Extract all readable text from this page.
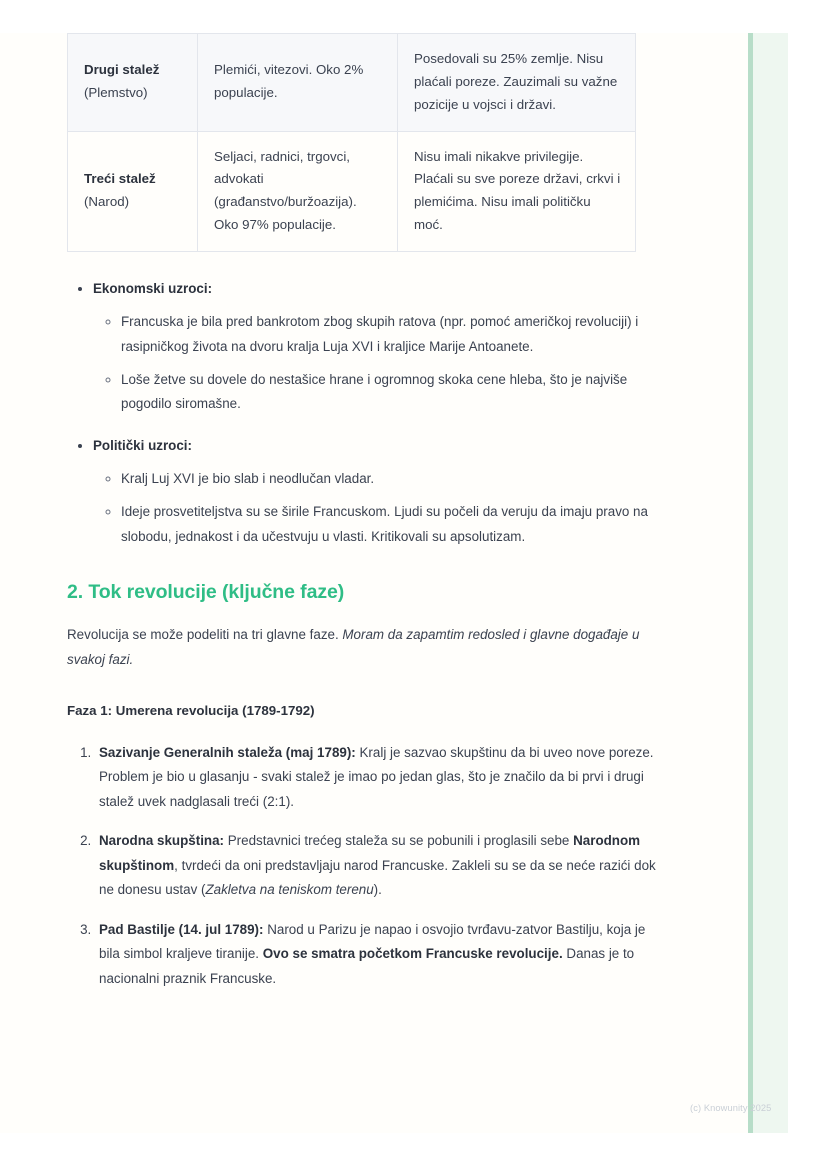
Drugi stalež
(Plemstvo)	Plemići, vitezovi. Oko 2% populacije.	Posedovali su 25% zemlje. Nisu plaćali poreze. Zauzimali su važne pozicije u vojsci i državi.

Treći stalež
(Narod)	Seljaci, radnici, trgovci, advokati (građanstvo/buržoazija). Oko 97% populacije.	Nisu imali nikakve privilegije. Plaćali su sve poreze državi, crkvi i plemićima. Nisu imali političku moć.
• Ekonomski uzroci:
◦ Francuska je bila pred bankrotom zbog skupih ratova (npr. pomoć američkoj revoluciji) i rasipničkog života na dvoru kralja Luja XVI i kraljice Marije Antoanete.
◦ Loše žetve su dovele do nestašice hrane i ogromnog skoka cene hleba, što je najviše pogodilo siromašne.
• Politički uzroci:
◦ Kralj Luj XVI je bio slab i neodlučan vladar.
◦ Ideje prosvetiteljstva su se širile Francuskom. Ljudi su počeli da veruju da imaju pravo na slobodu, jednakost i da učestvuju u vlasti. Kritikovali su apsolutizam.
2. Tok revolucije (ključne faze)

Revolucija se može podeliti na tri glavne faze. Moram da zapamtim redosled i glavne događaje u svakoj fazi.

Faza 1: Umerena revolucija (1789-1792)

1. Sazivanje Generalnih staleža (maj 1789): Kralj je sazvao skupštinu da bi uveo nove poreze. Problem je bio u glasanju - svaki stalež je imao po jedan glas, što je značilo da bi prvi i drugi stalež uvek nadglasali treći (2:1).
2. Narodna skupština: Predstavnici trećeg staleža su se pobunili i proglasili sebe Narodnom skupštinom, tvrdeći da oni predstavljaju narod Francuske. Zakleli su se da se neće razići dok ne donesu ustav (Zakletva na teniskom terenu).
3. Pad Bastilje (14. jul 1789): Narod u Parizu je napao i osvojio tvrđavu-zatvor Bastilju, koja je bila simbol kraljeve tiranije. Ovo se smatra početkom Francuske revolucije. Danas je to nacionalni praznik Francuske.
(c) Knowunity 2025
